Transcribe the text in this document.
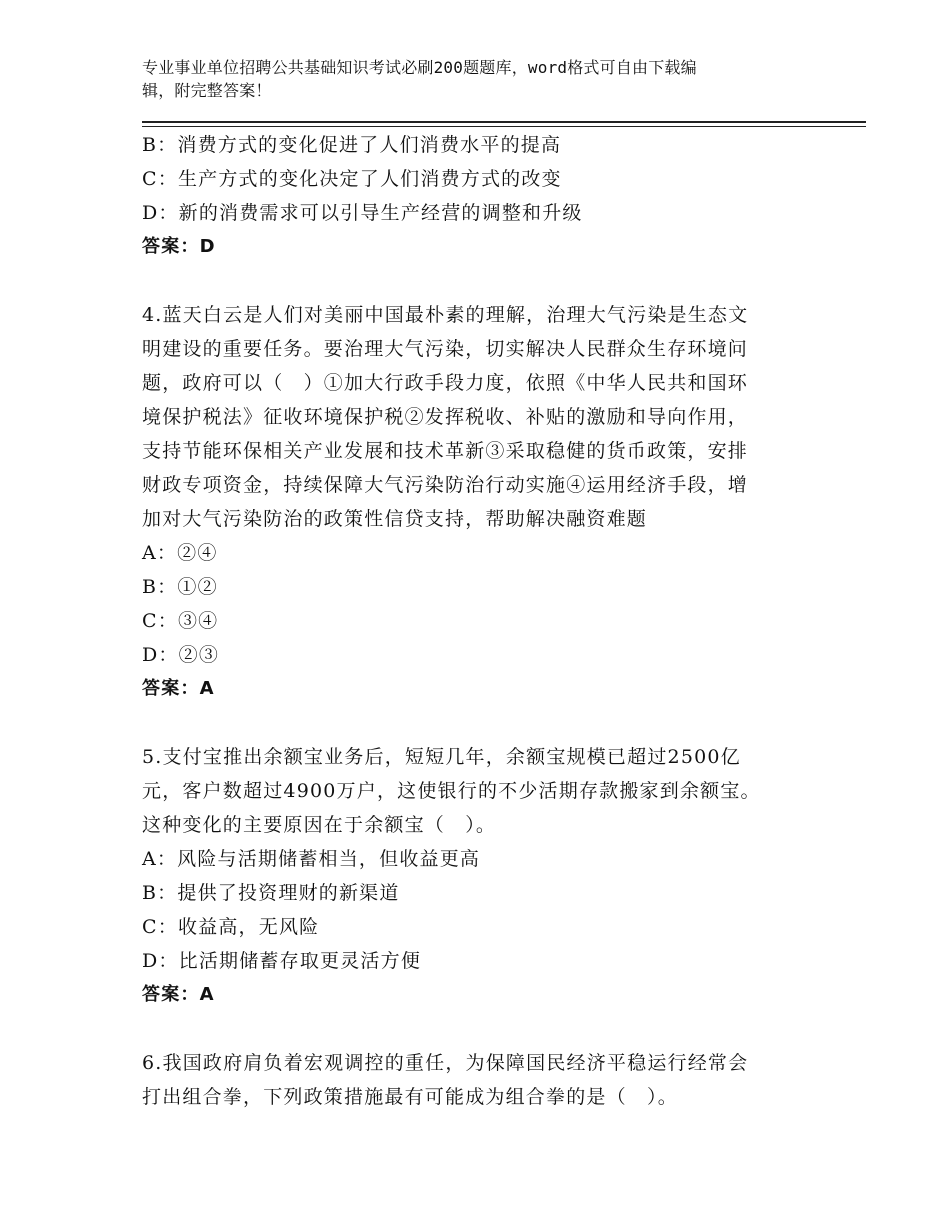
专业事业单位招聘公共基础知识考试必刷200题题库，word格式可自由下载编
辑，附完整答案！
B：消费方式的变化促进了人们消费水平的提高
C：生产方式的变化决定了人们消费方式的改变
D：新的消费需求可以引导生产经营的调整和升级
答案：D
4.蓝天白云是人们对美丽中国最朴素的理解，治理大气污染是生态文
明建设的重要任务。要治理大气污染，切实解决人民群众生存环境问
题，政府可以（　）①加大行政手段力度，依照《中华人民共和国环
境保护税法》征收环境保护税②发挥税收、补贴的激励和导向作用，
支持节能环保相关产业发展和技术革新③采取稳健的货币政策，安排
财政专项资金，持续保障大气污染防治行动实施④运用经济手段，增
加对大气污染防治的政策性信贷支持，帮助解决融资难题
A：②④
B：①②
C：③④
D：②③
答案：A
5.支付宝推出余额宝业务后，短短几年，余额宝规模已超过2500亿
元，客户数超过4900万户，这使银行的不少活期存款搬家到余额宝。
这种变化的主要原因在于余额宝（　）。
A：风险与活期储蓄相当，但收益更高
B：提供了投资理财的新渠道
C：收益高，无风险
D：比活期储蓄存取更灵活方便
答案：A
6.我国政府肩负着宏观调控的重任，为保障国民经济平稳运行经常会
打出组合拳，下列政策措施最有可能成为组合拳的是（　）。
